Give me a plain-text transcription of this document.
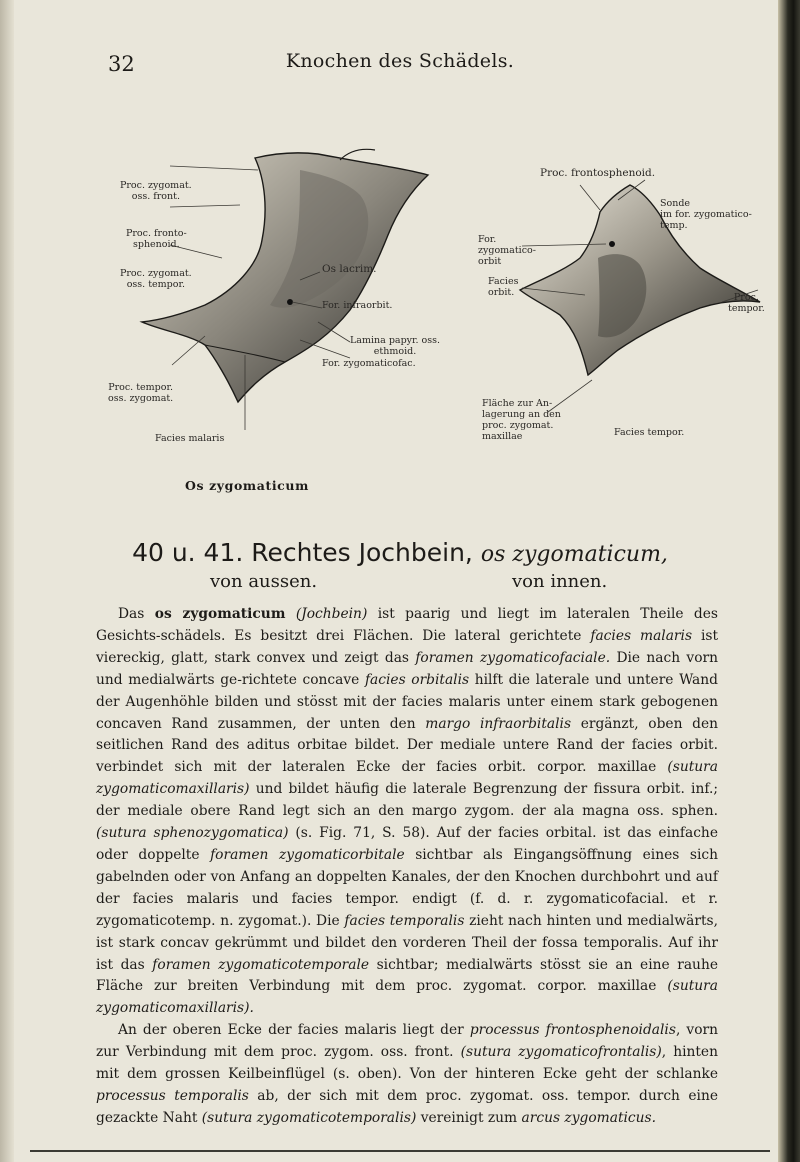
32	Knochen des Schädels.
Proc. zygomat.
oss. front.
Proc. fronto-
sphenoid.
Proc. zygomat.
oss. tempor.
Proc. tempor.
oss. zygomat.
Facies malaris
Os lacrim.
For. infraorbit.
Lamina papyr. oss.
ethmoid.
For. zygomaticofac.
Proc. frontosphenoid.
Sonde
im for. zygomatico-
temp.
For.
zygomatico-
orbit
Facies
orbit.	Proc.
tempor.
Fläche zur An-
lagerung an den
proc. zygomat.
maxillae	Facies tempor.
Os zygomaticum
40 u. 41. Rechtes Jochbein, os zygomaticum,
von aussen.	von innen.

Das os zygomaticum (Jochbein) ist paarig und liegt im lateralen Theile des Gesichts-schädels. Es besitzt drei Flächen. Die lateral gerichtete facies malaris ist viereckig, glatt, stark convex und zeigt das foramen zygomaticofaciale. Die nach vorn und medialwärts ge-richtete concave facies orbitalis hilft die laterale und untere Wand der Augenhöhle bilden und stösst mit der facies malaris unter einem stark gebogenen concaven Rand zusammen, der unten den margo infraorbitalis ergänzt, oben den seitlichen Rand des aditus orbitae bildet. Der mediale untere Rand der facies orbit. verbindet sich mit der lateralen Ecke der facies orbit. corpor. maxillae (sutura zygomaticomaxillaris) und bildet häufig die laterale Begrenzung der fissura orbit. inf.; der mediale obere Rand legt sich an den margo zygom. der ala magna oss. sphen. (sutura sphenozygomatica) (s. Fig. 71, S. 58). Auf der facies orbital. ist das einfache oder doppelte foramen zygomaticorbitale sichtbar als Eingangsöffnung eines sich gabelnden oder von Anfang an doppelten Kanales, der den Knochen durchbohrt und auf der facies malaris und facies tempor. endigt (f. d. r. zygomaticofacial. et r. zygomaticotemp. n. zygomat.). Die facies temporalis zieht nach hinten und medialwärts, ist stark concav gekrümmt und bildet den vorderen Theil der fossa temporalis. Auf ihr ist das foramen zygomaticotemporale sichtbar; medialwärts stösst sie an eine rauhe Fläche zur breiten Verbindung mit dem proc. zygomat. corpor. maxillae (sutura zygomaticomaxillaris).

An der oberen Ecke der facies malaris liegt der processus frontosphenoidalis, vorn zur Verbindung mit dem proc. zygom. oss. front. (sutura zygomaticofrontalis), hinten mit dem grossen Keilbeinflügel (s. oben). Von der hinteren Ecke geht der schlanke processus temporalis ab, der sich mit dem proc. zygomat. oss. tempor. durch eine gezackte Naht (sutura zygomaticotemporalis) vereinigt zum arcus zygomaticus.
